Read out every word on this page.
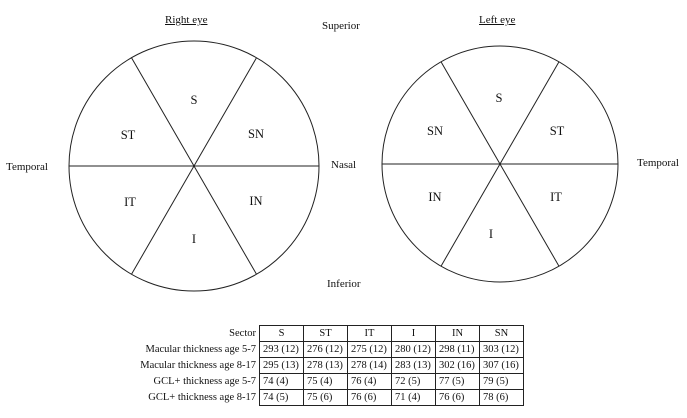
Right eye	Left eye
Superior
Inferior
Nasal
Temporal	Temporal
S
SN
IN
I
IT
ST
S
ST
IT
I
IN
SN
Sector	S	ST	IT	I	IN	SN
Macular thickness age 5-7	293 (12)	276 (12)	275 (12)	280 (12)	298 (11)	303 (12)
Macular thickness age 8-17	295 (13)	278 (13)	278 (14)	283 (13)	302 (16)	307 (16)
GCL+ thickness age 5-7	74 (4)	75 (4)	76 (4)	72 (5)	77 (5)	79 (5)
GCL+ thickness age 8-17	74 (5)	75 (6)	76 (6)	71 (4)	76 (6)	78 (6)
